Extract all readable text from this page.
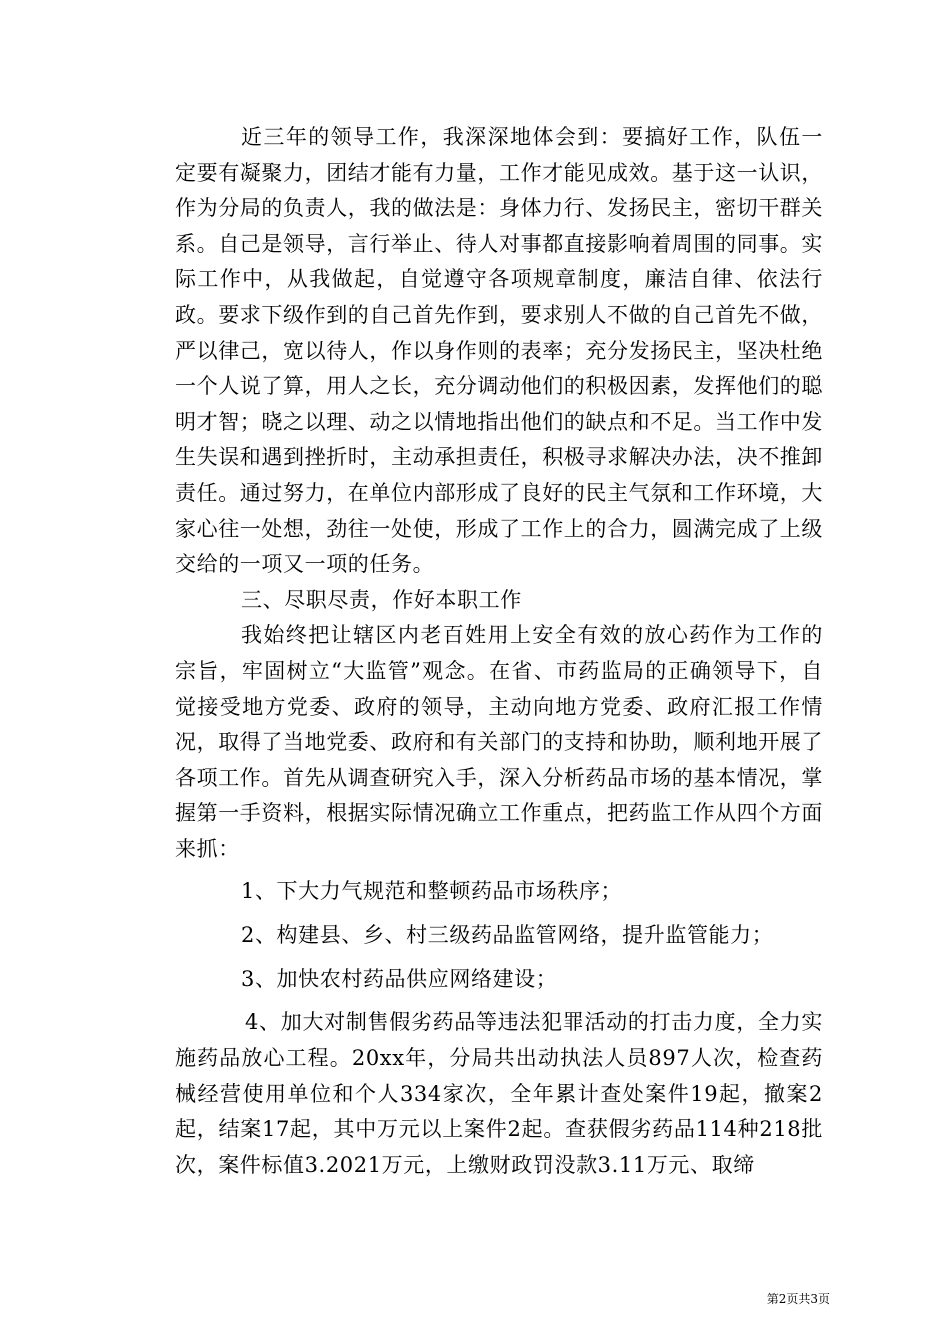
近三年的领导工作，我深深地体会到：要搞好工作，队伍一定要有凝聚力，团结才能有力量，工作才能见成效。基于这一认识，作为分局的负责人，我的做法是：身体力行、发扬民主，密切干群关系。自己是领导，言行举止、待人对事都直接影响着周围的同事。实际工作中，从我做起，自觉遵守各项规章制度，廉洁自律、依法行政。要求下级作到的自己首先作到，要求别人不做的自己首先不做，严以律己，宽以待人，作以身作则的表率；充分发扬民主，坚决杜绝一个人说了算，用人之长，充分调动他们的积极因素，发挥他们的聪明才智；晓之以理、动之以情地指出他们的缺点和不足。当工作中发生失误和遇到挫折时，主动承担责任，积极寻求解决办法，决不推卸责任。通过努力，在单位内部形成了良好的民主气氛和工作环境，大家心往一处想，劲往一处使，形成了工作上的合力，圆满完成了上级交给的一项又一项的任务。

三、尽职尽责，作好本职工作

我始终把让辖区内老百姓用上安全有效的放心药作为工作的宗旨，牢固树立“大监管”观念。在省、市药监局的正确领导下，自觉接受地方党委、政府的领导，主动向地方党委、政府汇报工作情况，取得了当地党委、政府和有关部门的支持和协助，顺利地开展了各项工作。首先从调查研究入手，深入分析药品市场的基本情况，掌握第一手资料，根据实际情况确立工作重点，把药监工作从四个方面来抓：

1、下大力气规范和整顿药品市场秩序；

2、构建县、乡、村三级药品监管网络，提升监管能力；

3、加快农村药品供应网络建设；

4、加大对制售假劣药品等违法犯罪活动的打击力度，全力实施药品放心工程。20xx年，分局共出动执法人员897人次，检查药械经营使用单位和个人334家次，全年累计查处案件19起，撤案2起，结案17起，其中万元以上案件2起。查获假劣药品114种218批次，案件标值3.2021万元，上缴财政罚没款3.11万元、取缔

第2页共3页
